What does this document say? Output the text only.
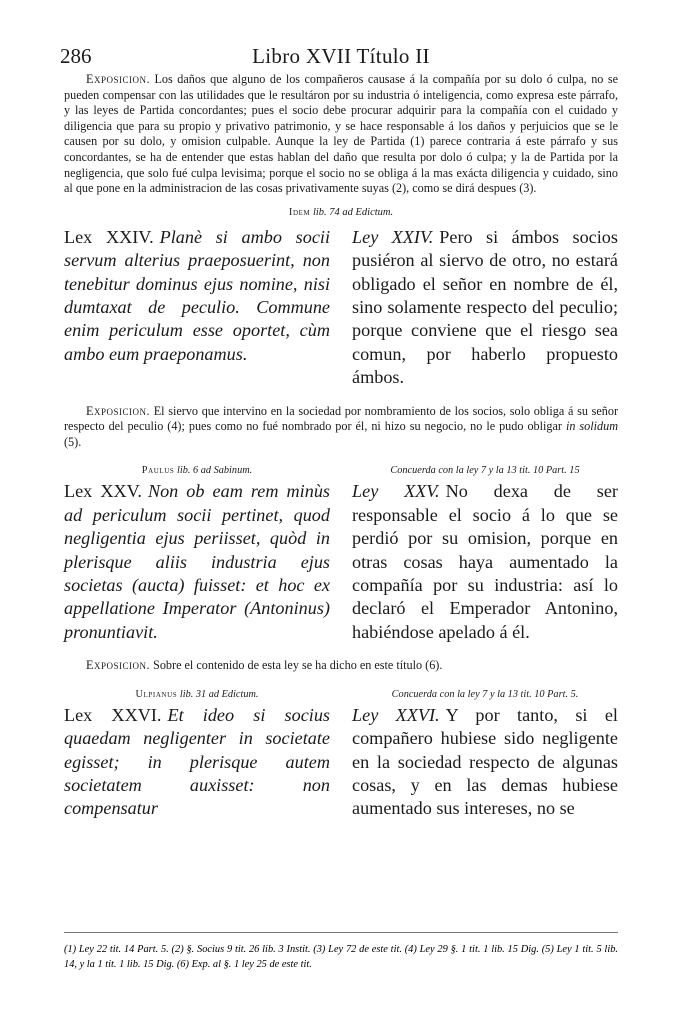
286	Libro XVII Título II

Exposicion. Los daños que alguno de los compañeros causase á la compañía por su dolo ó culpa, no se pueden compensar con las utilidades que le resultáron por su industria ó inteligencia, como expresa este párrafo, y las leyes de Partida concordantes; pues el socio debe procurar adquirir para la compañía con el cuidado y diligencia que para su propio y privativo patrimonio, y se hace responsable á los daños y perjuicios que se le causen por su dolo, y omision culpable. Aunque la ley de Partida (1) parece contraria á este párrafo y sus concordantes, se ha de entender que estas hablan del daño que resulta por dolo ó culpa; y la de Partida por la negligencia, que solo fué culpa levisima; porque el socio no se obliga á la mas exácta diligencia y cuidado, sino al que pone en la administracion de las cosas privativamente suyas (2), como se dirá despues (3).

Idem lib. 74 ad Edictum.
Lex XXIV. Planè si ambo socii servum alterius praeposuerint, non tenebitur dominus ejus nomine, nisi dumtaxat de peculio. Commune enim periculum esse oportet, cùm ambo eum praeponamus.
Ley XXIV. Pero si ámbos socios pusiéron al siervo de otro, no estará obligado el señor en nombre de él, sino solamente respecto del peculio; porque conviene que el riesgo sea comun, por haberlo propuesto ámbos.

Exposicion. El siervo que intervino en la sociedad por nombramiento de los socios, solo obliga á su señor respecto del peculio (4); pues como no fué nombrado por él, ni hizo su negocio, no le pudo obligar in solidum (5).

Paulus lib. 6 ad Sabinum.	Concuerda con la ley 7 y la 13 tit. 10 Part. 15
Lex XXV. Non ob eam rem minùs ad periculum socii pertinet, quod negligentia ejus periisset, quòd in plerisque aliis industria ejus societas (aucta) fuisset: et hoc ex appellatione Imperator (Antoninus) pronuntiavit.
Ley XXV. No dexa de ser responsable el socio á lo que se perdió por su omision, porque en otras cosas haya aumentado la compañía por su industria: así lo declaró el Emperador Antonino, habiéndose apelado á él.

Exposicion. Sobre el contenido de esta ley se ha dicho en este título (6).

Ulpianus lib. 31 ad Edictum.	Concuerda con la ley 7 y la 13 tit. 10 Part. 5.
Lex XXVI. Et ideo si socius quaedam negligenter in societate egisset; in plerisque autem societatem auxisset: non compensatur
Ley XXVI. Y por tanto, si el compañero hubiese sido negligente en la sociedad respecto de algunas cosas, y en las demas hubiese aumentado sus intereses, no se
(1) Ley 22 tit. 14 Part. 5. (2) §. Socius 9 tit. 26 lib. 3 Instit. (3) Ley 72 de este tit. (4) Ley 29 §. 1 tit. 1 lib. 15 Dig. (5) Ley 1 tit. 5 lib. 14, y la 1 tit. 1 lib. 15 Dig. (6) Exp. al §. 1 ley 25 de este tit.
